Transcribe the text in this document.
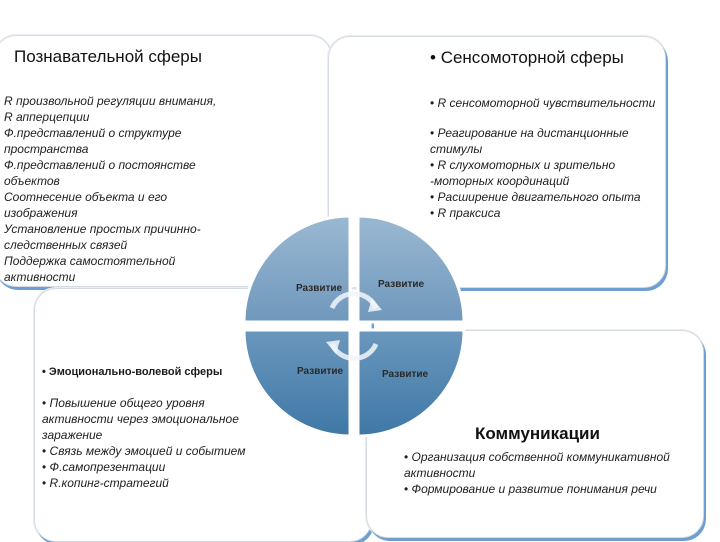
Познавательной сферы
R произвольной регуляции внимания,
R апперцепции
Ф.представлений о структуре пространства
Ф.представлений о постоянстве объектов
Соотнесение объекта и его изображения
Установление простых причинно-следственных связей
Поддержка самостоятельной активности
• Сенсомоторной сферы
• R сенсомоторной чувствительности
• Реагирование на дистанционные стимулы
• R слухомоторных и зрительно -моторных координаций
• Расширение двигательного опыта
• R праксиса
• Эмоционально-волевой сферы
• Повышение общего уровня активности через эмоциональное заражение
• Связь между эмоцией и событием
• Ф.самопрезентации
• R.копинг-стратегий
Коммуникации
• Организация собственной коммуникативной активности
• Формирование и развитие понимания речи
Развитие	Развитие
Развитие	Развитие
